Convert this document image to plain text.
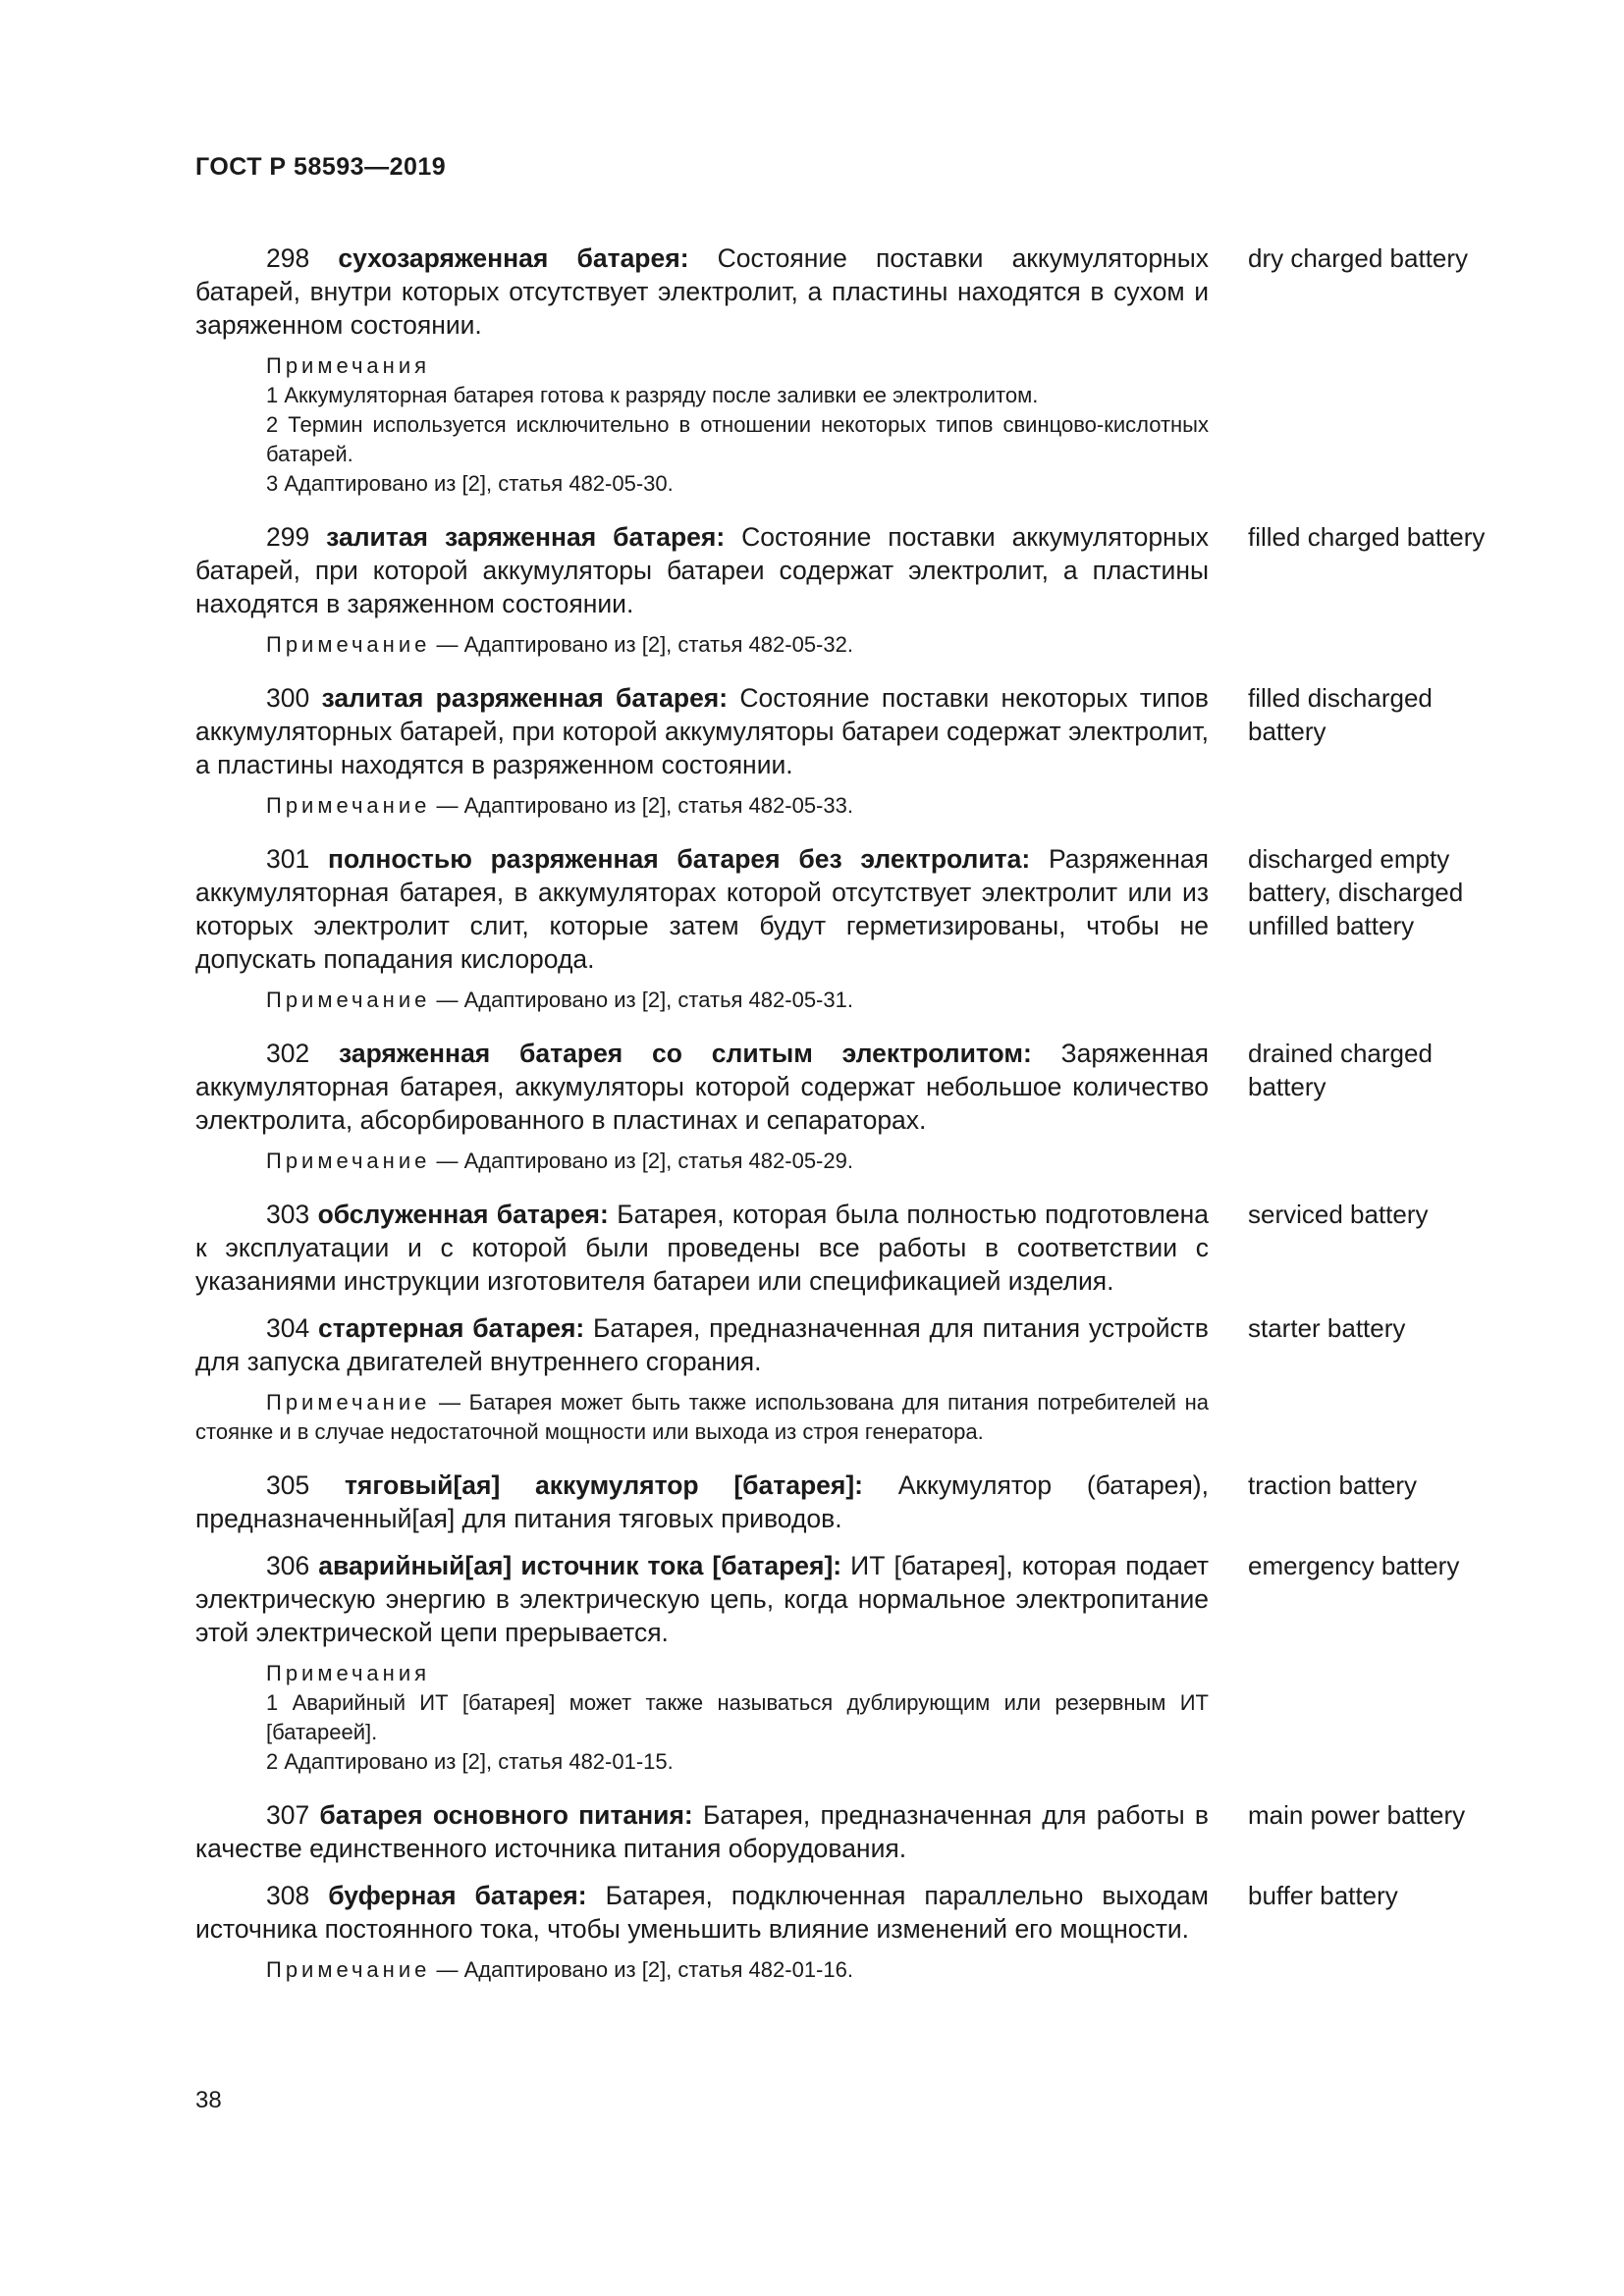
ГОСТ Р 58593—2019

298 сухозаряженная батарея: Состояние поставки аккумуляторных батарей, внутри которых отсутствует электролит, а пластины находятся в сухом и заряженном состоянии.

Примечания
1 Аккумуляторная батарея готова к разряду после заливки ее электролитом.
2 Термин используется исключительно в отношении некоторых типов свинцово-кислотных батарей.
3 Адаптировано из [2], статья 482-05-30.
dry charged battery

299 залитая заряженная батарея: Состояние поставки аккумуляторных батарей, при которой аккумуляторы батареи содержат электролит, а пластины находятся в заряженном состоянии.

Примечание — Адаптировано из [2], статья 482-05-32.
filled charged battery

300 залитая разряженная батарея: Состояние поставки некоторых типов аккумуляторных батарей, при которой аккумуляторы батареи содержат электролит, а пластины находятся в разряженном состоянии.

Примечание — Адаптировано из [2], статья 482-05-33.
filled discharged battery

301 полностью разряженная батарея без электролита: Разряженная аккумуляторная батарея, в аккумуляторах которой отсутствует электролит или из которых электролит слит, которые затем будут герметизированы, чтобы не допускать попадания кислорода.

Примечание — Адаптировано из [2], статья 482-05-31.
discharged empty battery, discharged unfilled battery

302 заряженная батарея со слитым электролитом: Заряженная аккумуляторная батарея, аккумуляторы которой содержат небольшое количество электролита, абсорбированного в пластинах и сепараторах.

Примечание — Адаптировано из [2], статья 482-05-29.
drained charged battery

303 обслуженная батарея: Батарея, которая была полностью подготовлена к эксплуатации и с которой были проведены все работы в соответствии с указаниями инструкции изготовителя батареи или спецификацией изделия.

serviced battery

304 стартерная батарея: Батарея, предназначенная для питания устройств для запуска двигателей внутреннего сгорания.

Примечание — Батарея может быть также использована для питания потребителей на стоянке и в случае недостаточной мощности или выхода из строя генератора.
starter battery

305 тяговый[ая] аккумулятор [батарея]: Аккумулятор (батарея), предназначенный[ая] для питания тяговых приводов.

traction battery

306 аварийный[ая] источник тока [батарея]: ИТ [батарея], которая подает электрическую энергию в электрическую цепь, когда нормальное электропитание этой электрической цепи прерывается.

Примечания
1 Аварийный ИТ [батарея] может также называться дублирующим или резервным ИТ [батареей].
2 Адаптировано из [2], статья 482-01-15.
emergency battery

307 батарея основного питания: Батарея, предназначенная для работы в качестве единственного источника питания оборудования.

main power battery

308 буферная батарея: Батарея, подключенная параллельно выходам источника постоянного тока, чтобы уменьшить влияние изменений его мощности.

Примечание — Адаптировано из [2], статья 482-01-16.
buffer battery
38
